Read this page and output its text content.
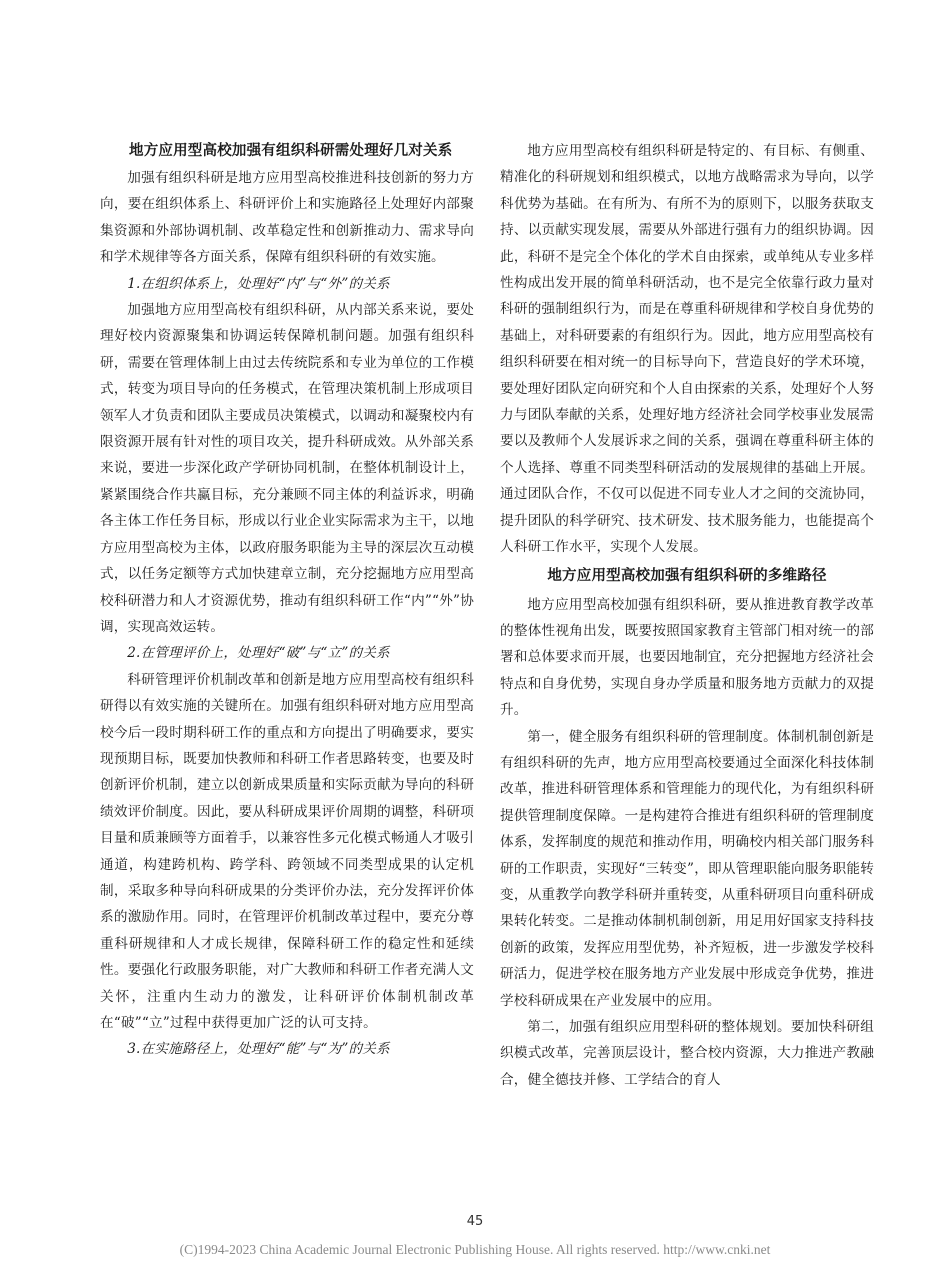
地方应用型高校加强有组织科研需处理好几对关系

加强有组织科研是地方应用型高校推进科技创新的努力方向，要在组织体系上、科研评价上和实施路径上处理好内部聚集资源和外部协调机制、改革稳定性和创新推动力、需求导向和学术规律等各方面关系，保障有组织科研的有效实施。

1.在组织体系上，处理好“内”与“外”的关系

加强地方应用型高校有组织科研，从内部关系来说，要处理好校内资源聚集和协调运转保障机制问题。加强有组织科研，需要在管理体制上由过去传统院系和专业为单位的工作模式，转变为项目导向的任务模式，在管理决策机制上形成项目领军人才负责和团队主要成员决策模式，以调动和凝聚校内有限资源开展有针对性的项目攻关，提升科研成效。从外部关系来说，要进一步深化政产学研协同机制，在整体机制设计上，紧紧围绕合作共赢目标，充分兼顾不同主体的利益诉求，明确各主体工作任务目标，形成以行业企业实际需求为主干，以地方应用型高校为主体，以政府服务职能为主导的深层次互动模式，以任务定额等方式加快建章立制，充分挖掘地方应用型高校科研潜力和人才资源优势，推动有组织科研工作“内”“外”协调，实现高效运转。

2.在管理评价上，处理好“破”与“立”的关系

科研管理评价机制改革和创新是地方应用型高校有组织科研得以有效实施的关键所在。加强有组织科研对地方应用型高校今后一段时期科研工作的重点和方向提出了明确要求，要实现预期目标，既要加快教师和科研工作者思路转变，也要及时创新评价机制，建立以创新成果质量和实际贡献为导向的科研绩效评价制度。因此，要从科研成果评价周期的调整，科研项目量和质兼顾等方面着手，以兼容性多元化模式畅通人才吸引通道，构建跨机构、跨学科、跨领域不同类型成果的认定机制，采取多种导向科研成果的分类评价办法，充分发挥评价体系的激励作用。同时，在管理评价机制改革过程中，要充分尊重科研规律和人才成长规律，保障科研工作的稳定性和延续性。要强化行政服务职能，对广大教师和科研工作者充满人文关怀，注重内生动力的激发，让科研评价体制机制改革在“破”“立”过程中获得更加广泛的认可支持。

3.在实施路径上，处理好“能”与“为”的关系

地方应用型高校有组织科研是特定的、有目标、有侧重、精准化的科研规划和组织模式，以地方战略需求为导向，以学科优势为基础。在有所为、有所不为的原则下，以服务获取支持、以贡献实现发展，需要从外部进行强有力的组织协调。因此，科研不是完全个体化的学术自由探索，或单纯从专业多样性构成出发开展的简单科研活动，也不是完全依靠行政力量对科研的强制组织行为，而是在尊重科研规律和学校自身优势的基础上，对科研要素的有组织行为。因此，地方应用型高校有组织科研要在相对统一的目标导向下，营造良好的学术环境，要处理好团队定向研究和个人自由探索的关系，处理好个人努力与团队奉献的关系，处理好地方经济社会同学校事业发展需要以及教师个人发展诉求之间的关系，强调在尊重科研主体的个人选择、尊重不同类型科研活动的发展规律的基础上开展。通过团队合作，不仅可以促进不同专业人才之间的交流协同，提升团队的科学研究、技术研发、技术服务能力，也能提高个人科研工作水平，实现个人发展。

地方应用型高校加强有组织科研的多维路径

地方应用型高校加强有组织科研，要从推进教育教学改革的整体性视角出发，既要按照国家教育主管部门相对统一的部署和总体要求而开展，也要因地制宜，充分把握地方经济社会特点和自身优势，实现自身办学质量和服务地方贡献力的双提升。

第一，健全服务有组织科研的管理制度。体制机制创新是有组织科研的先声，地方应用型高校要通过全面深化科技体制改革，推进科研管理体系和管理能力的现代化，为有组织科研提供管理制度保障。一是构建符合推进有组织科研的管理制度体系，发挥制度的规范和推动作用，明确校内相关部门服务科研的工作职责，实现好“三转变”，即从管理职能向服务职能转变，从重教学向教学科研并重转变，从重科研项目向重科研成果转化转变。二是推动体制机制创新，用足用好国家支持科技创新的政策，发挥应用型优势，补齐短板，进一步激发学校科研活力，促进学校在服务地方产业发展中形成竞争优势，推进学校科研成果在产业发展中的应用。

第二，加强有组织应用型科研的整体规划。要加快科研组织模式改革，完善顶层设计，整合校内资源，大力推进产教融合，健全德技并修、工学结合的育人

45
(C)1994-2023 China Academic Journal Electronic Publishing House. All rights reserved. http://www.cnki.net
